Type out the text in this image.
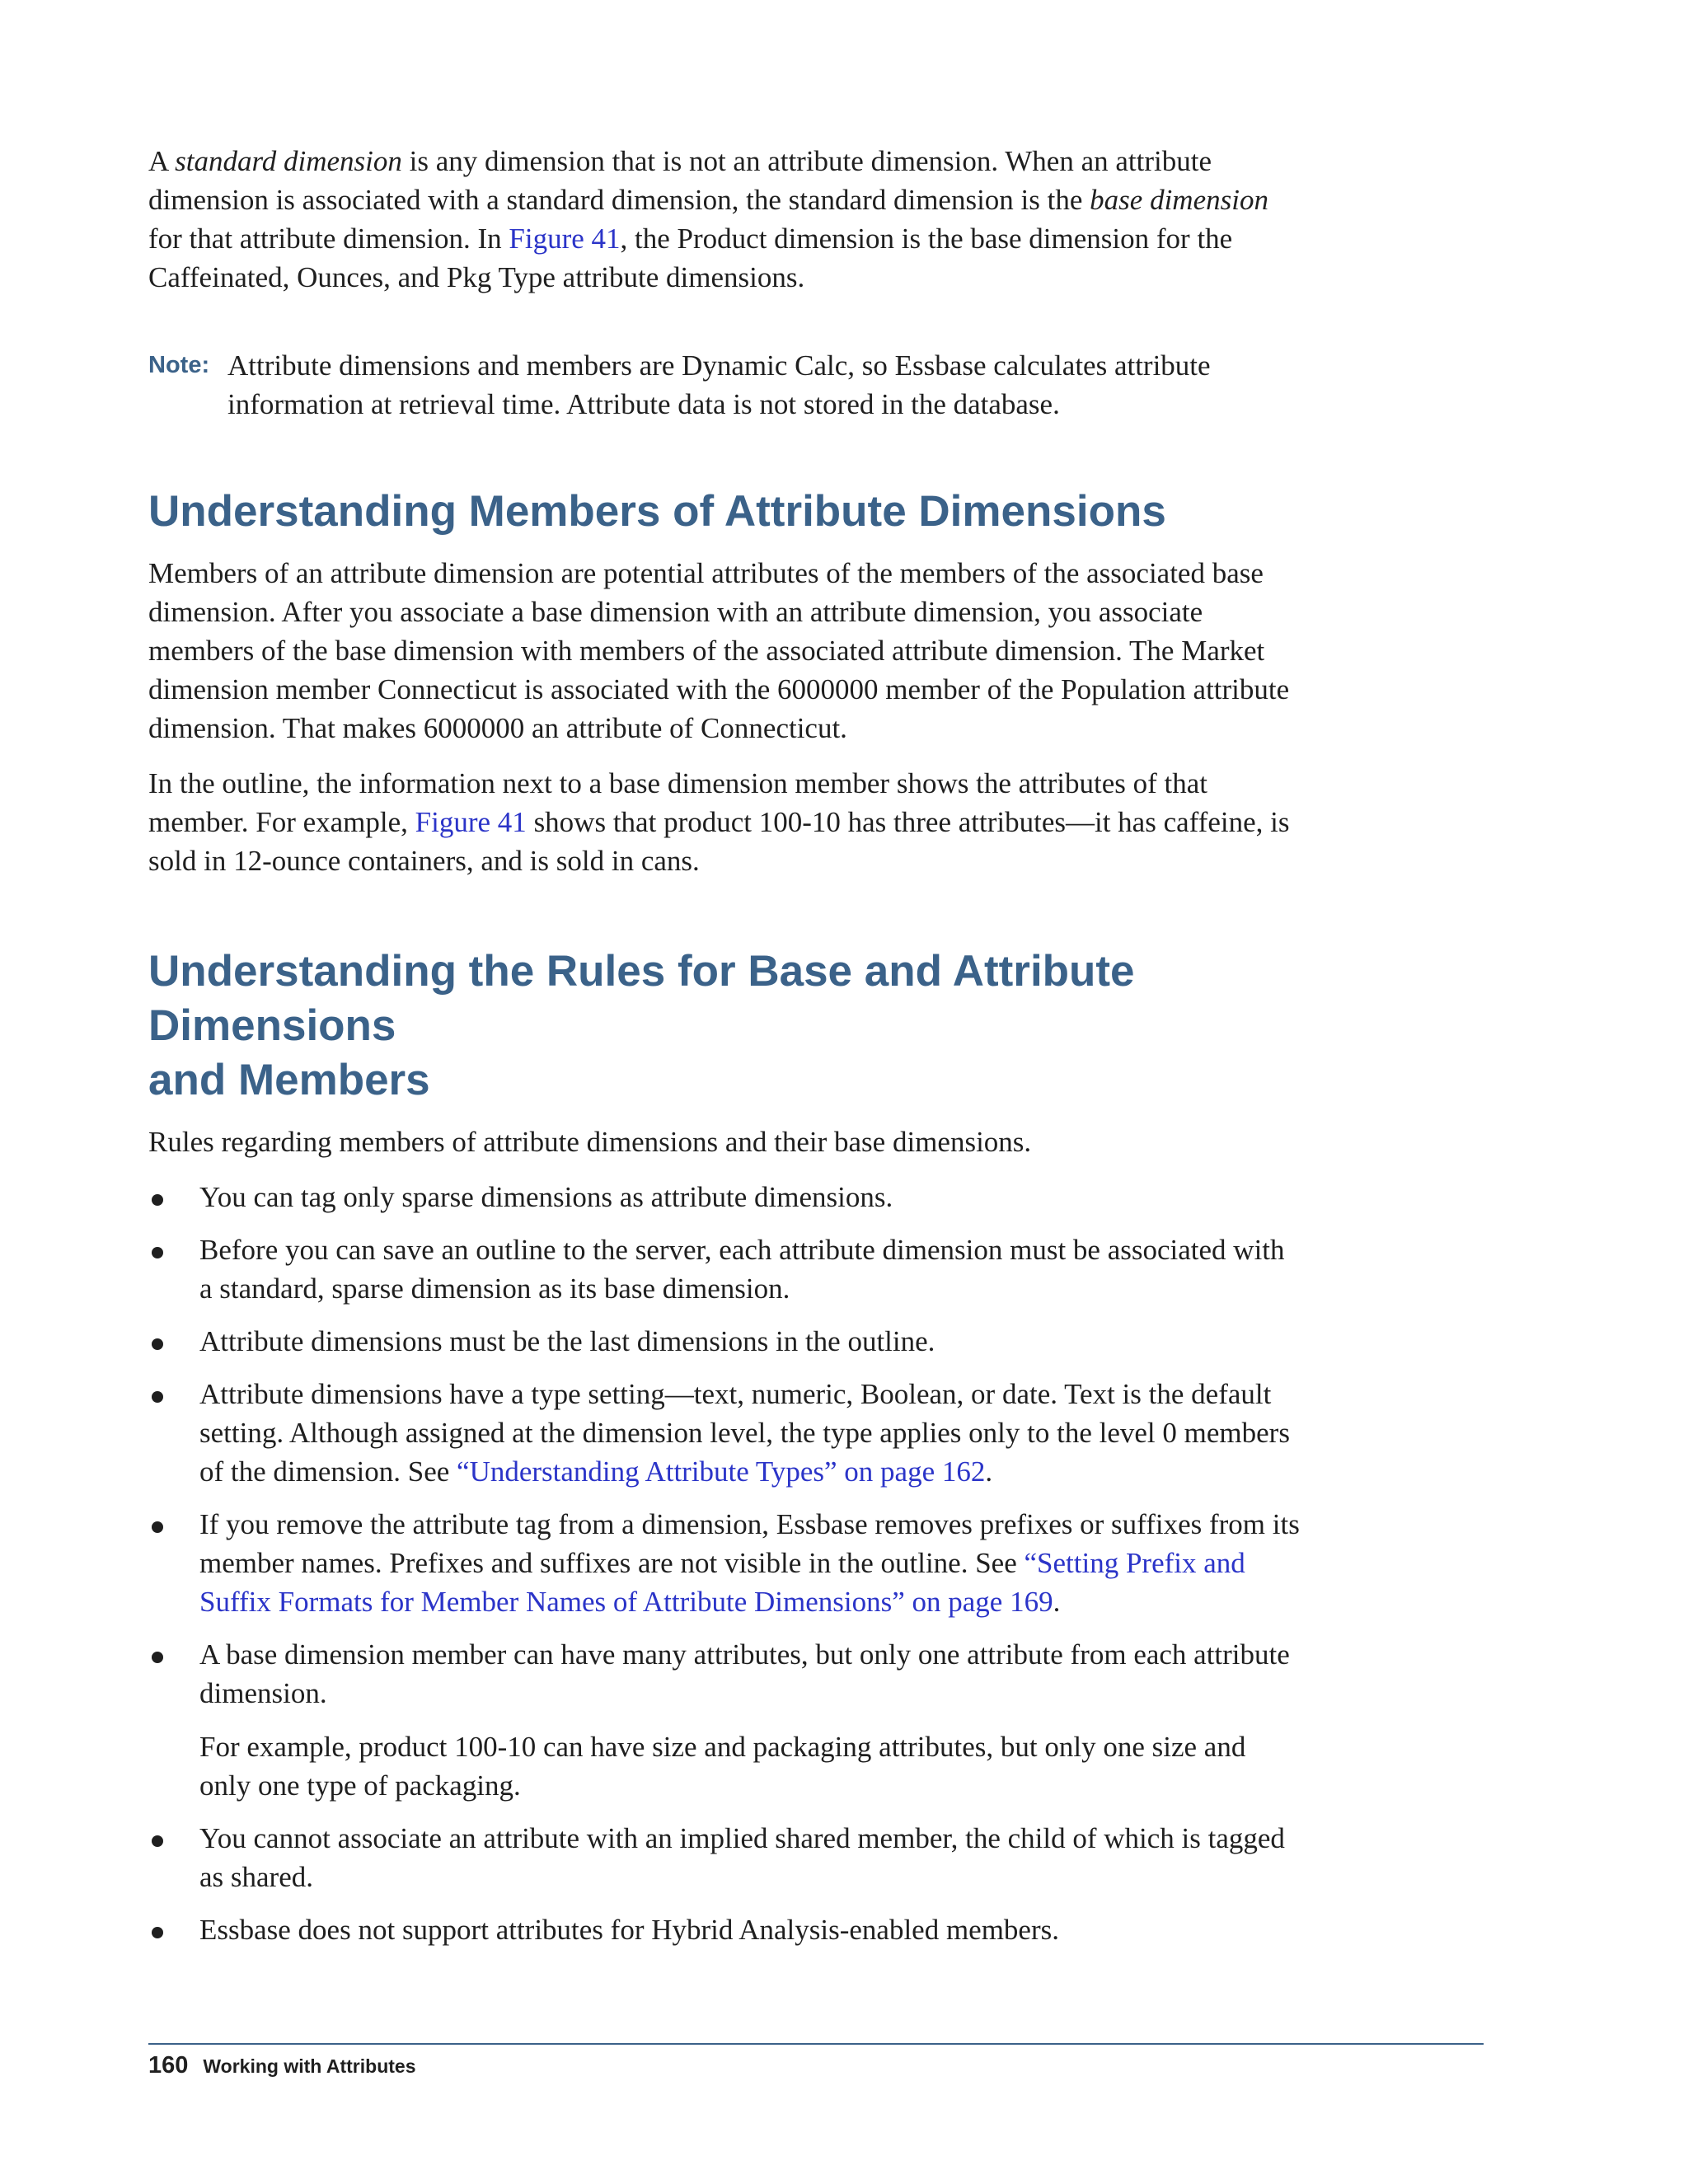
A standard dimension is any dimension that is not an attribute dimension. When an attribute dimension is associated with a standard dimension, the standard dimension is the base dimension for that attribute dimension. In Figure 41, the Product dimension is the base dimension for the Caffeinated, Ounces, and Pkg Type attribute dimensions.

Note: Attribute dimensions and members are Dynamic Calc, so Essbase calculates attribute information at retrieval time. Attribute data is not stored in the database.

Understanding Members of Attribute Dimensions

Members of an attribute dimension are potential attributes of the members of the associated base dimension. After you associate a base dimension with an attribute dimension, you associate members of the base dimension with members of the associated attribute dimension. The Market dimension member Connecticut is associated with the 6000000 member of the Population attribute dimension. That makes 6000000 an attribute of Connecticut.

In the outline, the information next to a base dimension member shows the attributes of that member. For example, Figure 41 shows that product 100-10 has three attributes—it has caffeine, is sold in 12-ounce containers, and is sold in cans.

Understanding the Rules for Base and Attribute Dimensions
and Members

Rules regarding members of attribute dimensions and their base dimensions.

You can tag only sparse dimensions as attribute dimensions.

Before you can save an outline to the server, each attribute dimension must be associated with a standard, sparse dimension as its base dimension.

Attribute dimensions must be the last dimensions in the outline.

Attribute dimensions have a type setting—text, numeric, Boolean, or date. Text is the default setting. Although assigned at the dimension level, the type applies only to the level 0 members of the dimension. See “Understanding Attribute Types” on page 162.

If you remove the attribute tag from a dimension, Essbase removes prefixes or suffixes from its member names. Prefixes and suffixes are not visible in the outline. See “Setting Prefix and Suffix Formats for Member Names of Attribute Dimensions” on page 169.

A base dimension member can have many attributes, but only one attribute from each attribute dimension.

For example, product 100-10 can have size and packaging attributes, but only one size and only one type of packaging.

You cannot associate an attribute with an implied shared member, the child of which is tagged as shared.

Essbase does not support attributes for Hybrid Analysis-enabled members.

160 Working with Attributes
